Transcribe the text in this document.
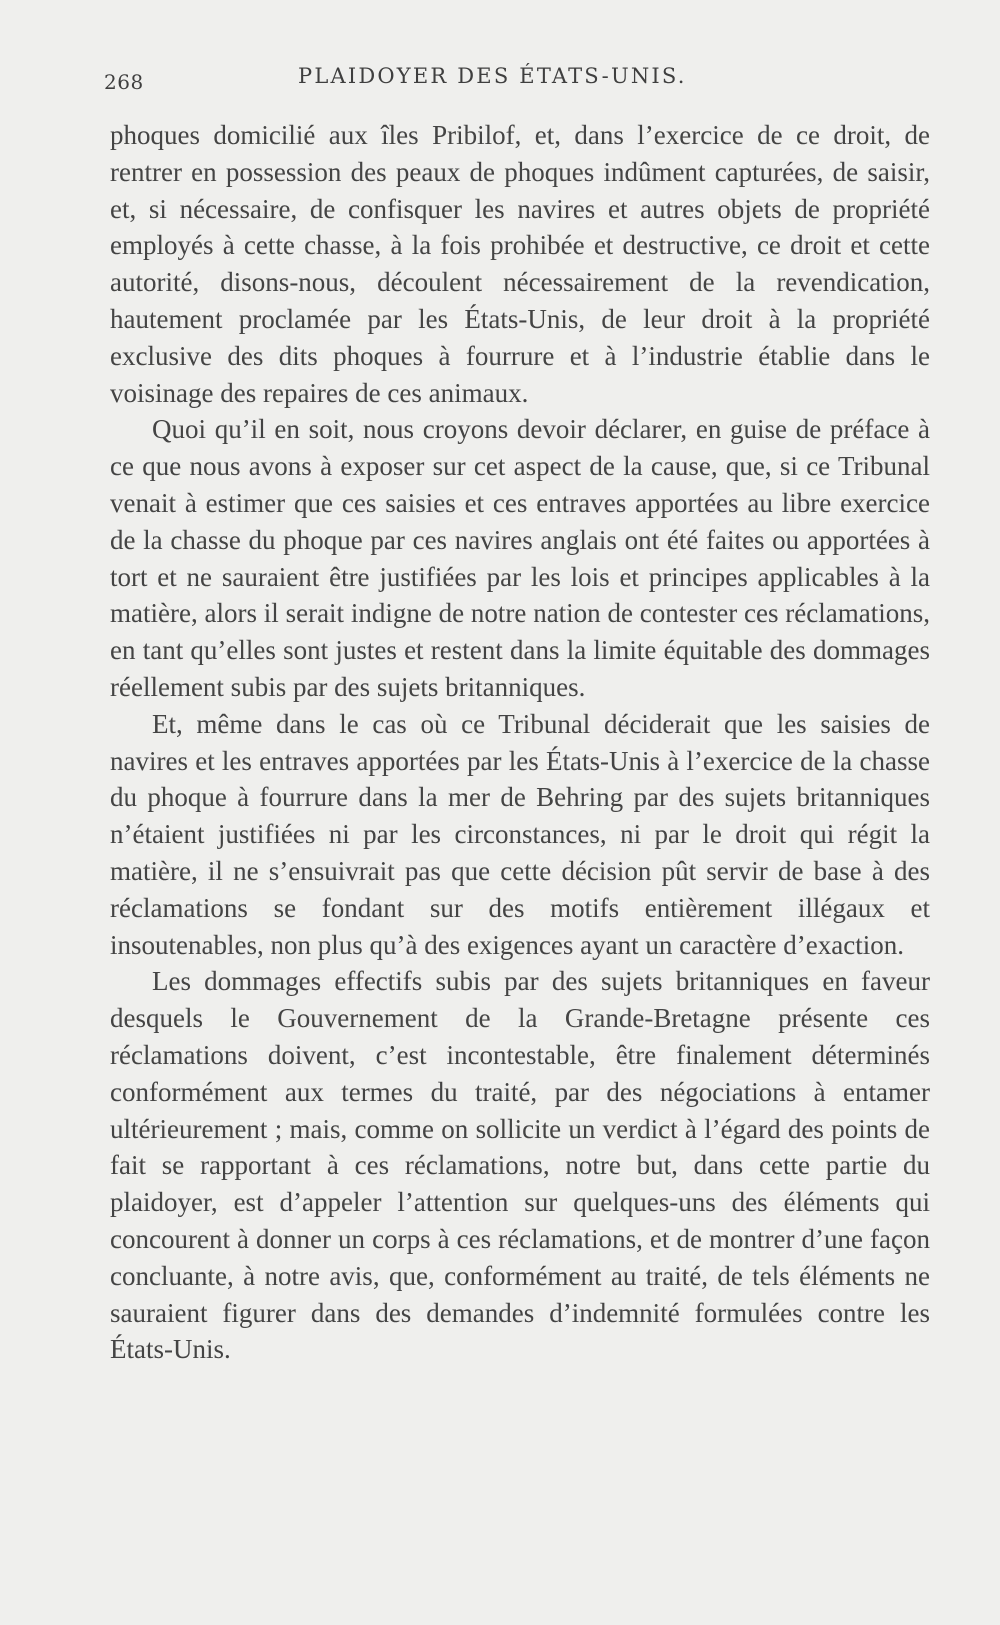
268	PLAIDOYER DES ÉTATS-UNIS.

phoques domicilié aux îles Pribilof, et, dans l’exercice de ce droit, de rentrer en possession des peaux de phoques indûment capturées, de saisir, et, si nécessaire, de confisquer les navires et autres objets de propriété employés à cette chasse, à la fois prohibée et destructive, ce droit et cette autorité, disons-nous, découlent nécessairement de la revendication, hautement proclamée par les États-Unis, de leur droit à la propriété exclusive des dits phoques à fourrure et à l’industrie établie dans le voisinage des repaires de ces animaux.

Quoi qu’il en soit, nous croyons devoir déclarer, en guise de préface à ce que nous avons à exposer sur cet aspect de la cause, que, si ce Tribunal venait à estimer que ces saisies et ces entraves apportées au libre exercice de la chasse du phoque par ces navires anglais ont été faites ou apportées à tort et ne sauraient être justifiées par les lois et principes applicables à la matière, alors il serait indigne de notre nation de contester ces réclamations, en tant qu’elles sont justes et restent dans la limite équitable des dommages réellement subis par des sujets britanniques.

Et, même dans le cas où ce Tribunal déciderait que les saisies de navires et les entraves apportées par les États-Unis à l’exercice de la chasse du phoque à fourrure dans la mer de Behring par des sujets britanniques n’étaient justifiées ni par les circonstances, ni par le droit qui régit la matière, il ne s’ensuivrait pas que cette décision pût servir de base à des réclamations se fondant sur des motifs entièrement illégaux et insoutenables, non plus qu’à des exigences ayant un caractère d’exaction.

Les dommages effectifs subis par des sujets britanniques en faveur desquels le Gouvernement de la Grande-Bretagne présente ces réclamations doivent, c’est incontestable, être finalement déterminés conformément aux termes du traité, par des négociations à entamer ultérieurement ; mais, comme on sollicite un verdict à l’égard des points de fait se rapportant à ces réclamations, notre but, dans cette partie du plaidoyer, est d’appeler l’attention sur quelques-uns des éléments qui concourent à donner un corps à ces réclamations, et de montrer d’une façon concluante, à notre avis, que, conformément au traité, de tels éléments ne sauraient figurer dans des demandes d’indemnité formulées contre les États-Unis.
